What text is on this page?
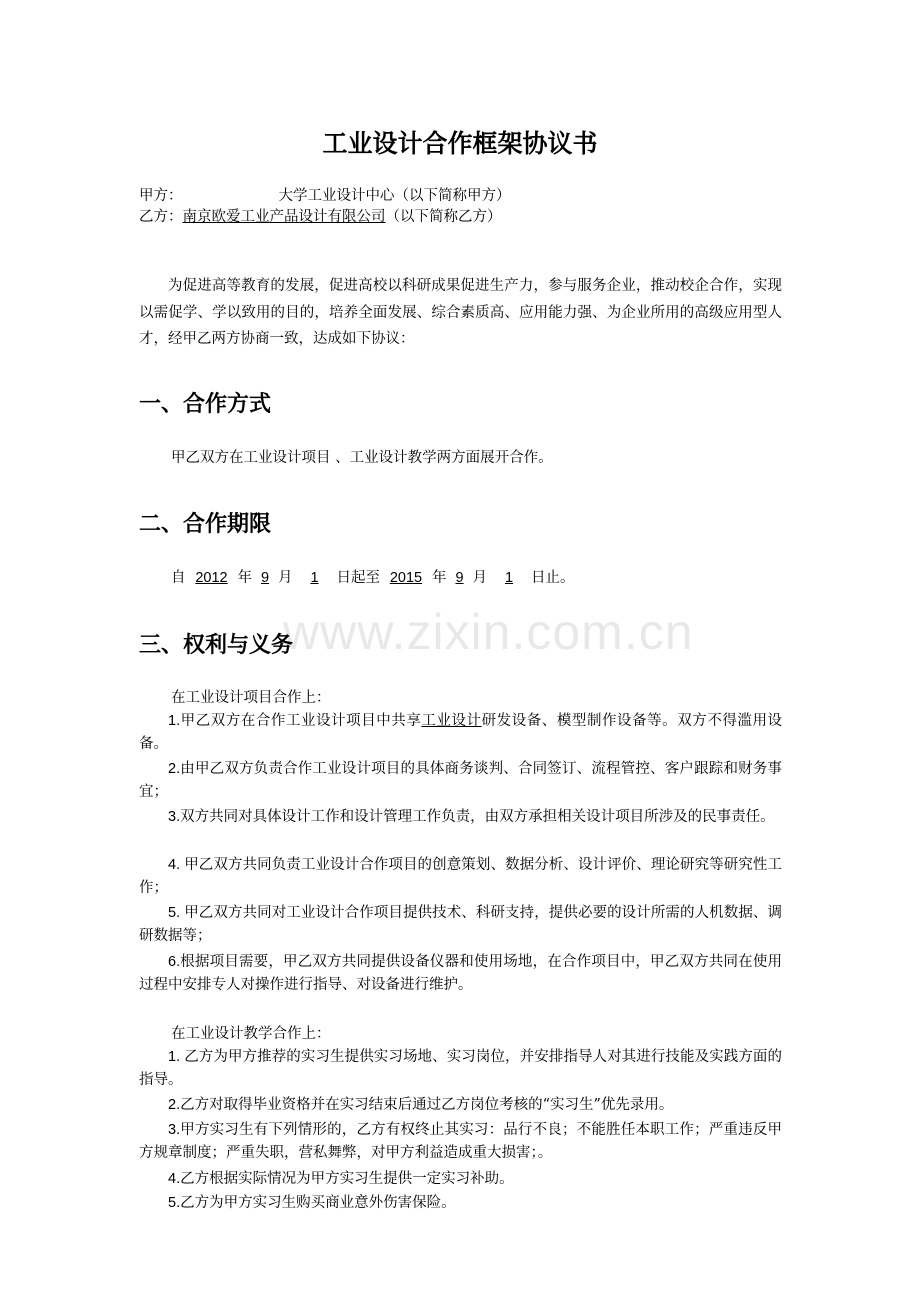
工业设计合作框架协议书

甲方：	大学工业设计中心（以下简称甲方）

乙方：南京欧爱工业产品设计有限公司（以下简称乙方）

为促进高等教育的发展，促进高校以科研成果促进生产力，参与服务企业，推动校企合作，实现以需促学、学以致用的目的，培养全面发展、综合素质高、应用能力强、为企业所用的高级应用型人才，经甲乙两方协商一致，达成如下协议：

一、合作方式

甲乙双方在工业设计项目 、工业设计教学两方面展开合作。

二、合作期限

自 2012 年 9 月 1 日起至 2015 年 9 月 1 日止。

www.zixin.com.cn
三、权利与义务

在工业设计项目合作上：

1.甲乙双方在合作工业设计项目中共享工业设计研发设备、模型制作设备等。双方不得滥用设备。

2.由甲乙双方负责合作工业设计项目的具体商务谈判、合同签订、流程管控、客户跟踪和财务事宜；

3.双方共同对具体设计工作和设计管理工作负责，由双方承担相关设计项目所涉及的民事责任。

4. 甲乙双方共同负责工业设计合作项目的创意策划、数据分析、设计评价、理论研究等研究性工作；

5. 甲乙双方共同对工业设计合作项目提供技术、科研支持，提供必要的设计所需的人机数据、调研数据等；

6.根据项目需要，甲乙双方共同提供设备仪器和使用场地，在合作项目中，甲乙双方共同在使用过程中安排专人对操作进行指导、对设备进行维护。

在工业设计教学合作上：

1. 乙方为甲方推荐的实习生提供实习场地、实习岗位，并安排指导人对其进行技能及实践方面的指导。

2.乙方对取得毕业资格并在实习结束后通过乙方岗位考核的“实习生”优先录用。

3.甲方实习生有下列情形的，乙方有权终止其实习：品行不良；不能胜任本职工作；严重违反甲方规章制度；严重失职，营私舞弊，对甲方利益造成重大损害；。

4.乙方根据实际情况为甲方实习生提供一定实习补助。

5.乙方为甲方实习生购买商业意外伤害保险。
